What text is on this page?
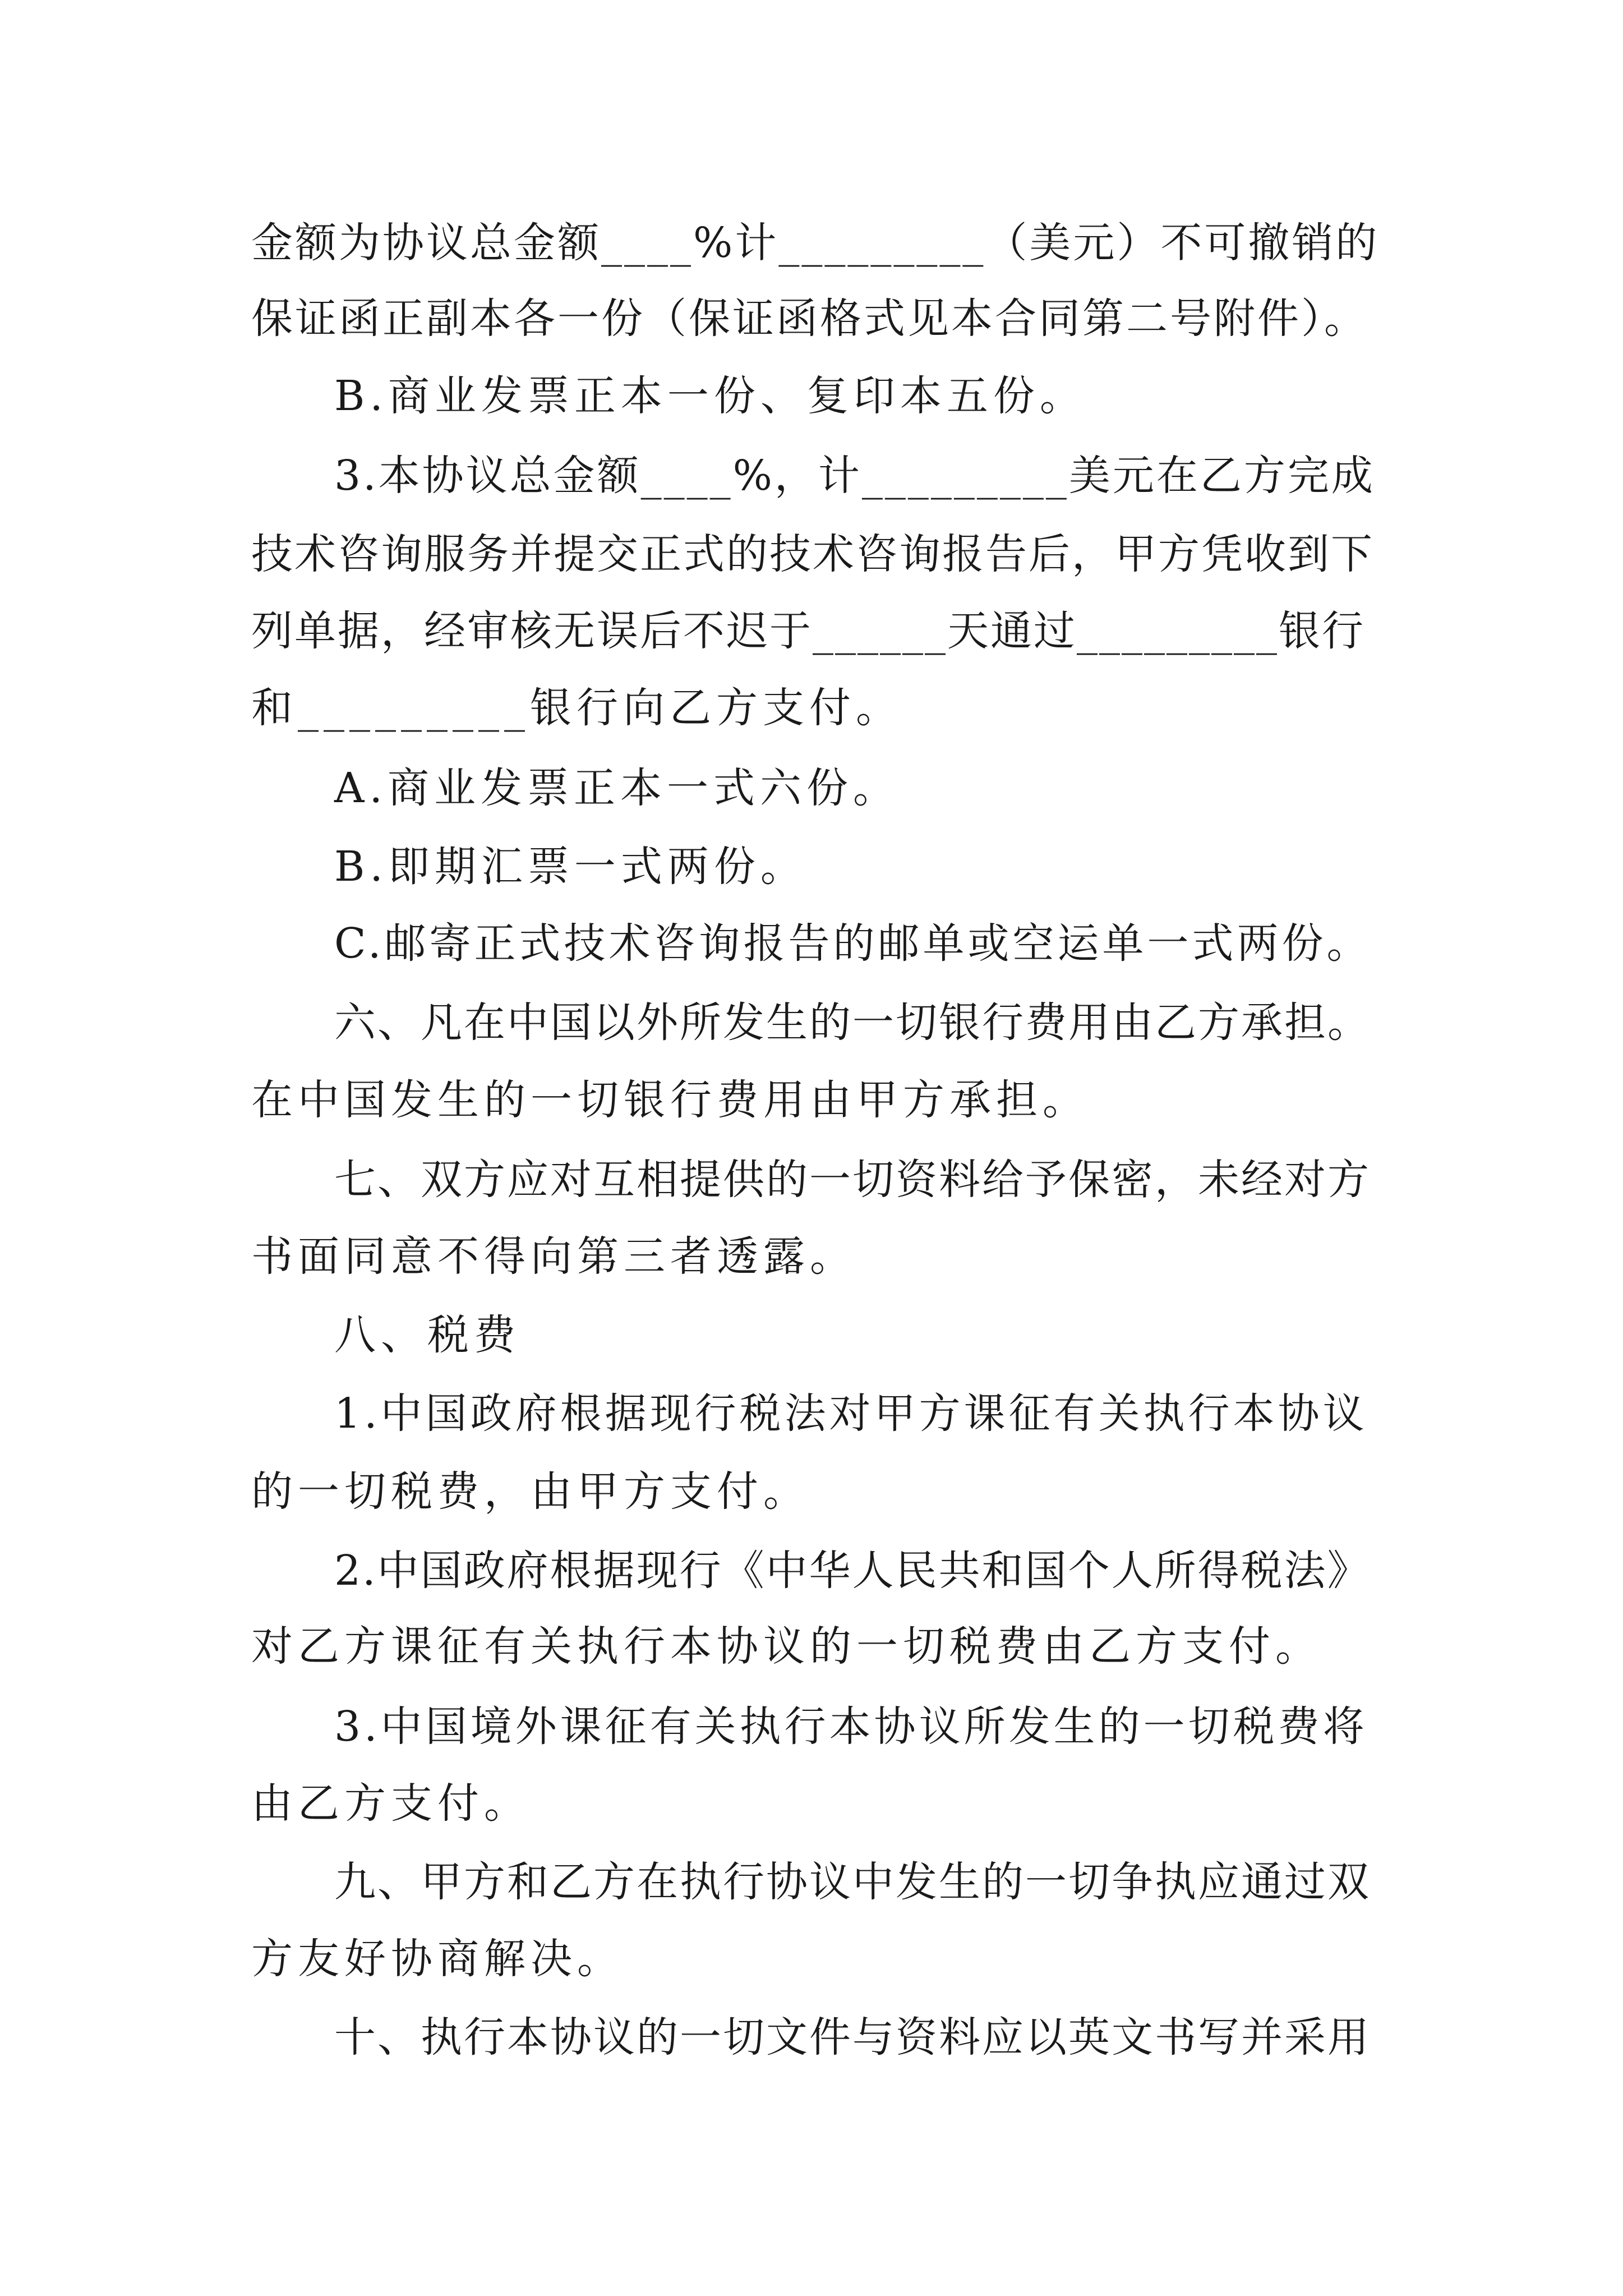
金额为协议总金额____%计_________（美元）不可撤销的
保证函正副本各一份（保证函格式见本合同第二号附件）。
B.商业发票正本一份、复印本五份。
3.本协议总金额____%，计_________美元在乙方完成
技术咨询服务并提交正式的技术咨询报告后，甲方凭收到下
列单据，经审核无误后不迟于______天通过_________银行
和_________银行向乙方支付。
A.商业发票正本一式六份。
B.即期汇票一式两份。
C.邮寄正式技术咨询报告的邮单或空运单一式两份。
六、凡在中国以外所发生的一切银行费用由乙方承担。
在中国发生的一切银行费用由甲方承担。
七、双方应对互相提供的一切资料给予保密，未经对方
书面同意不得向第三者透露。
八、税费
1.中国政府根据现行税法对甲方课征有关执行本协议
的一切税费，由甲方支付。
2.中国政府根据现行《中华人民共和国个人所得税法》
对乙方课征有关执行本协议的一切税费由乙方支付。
3.中国境外课征有关执行本协议所发生的一切税费将
由乙方支付。
九、甲方和乙方在执行协议中发生的一切争执应通过双
方友好协商解决。
十、执行本协议的一切文件与资料应以英文书写并采用
